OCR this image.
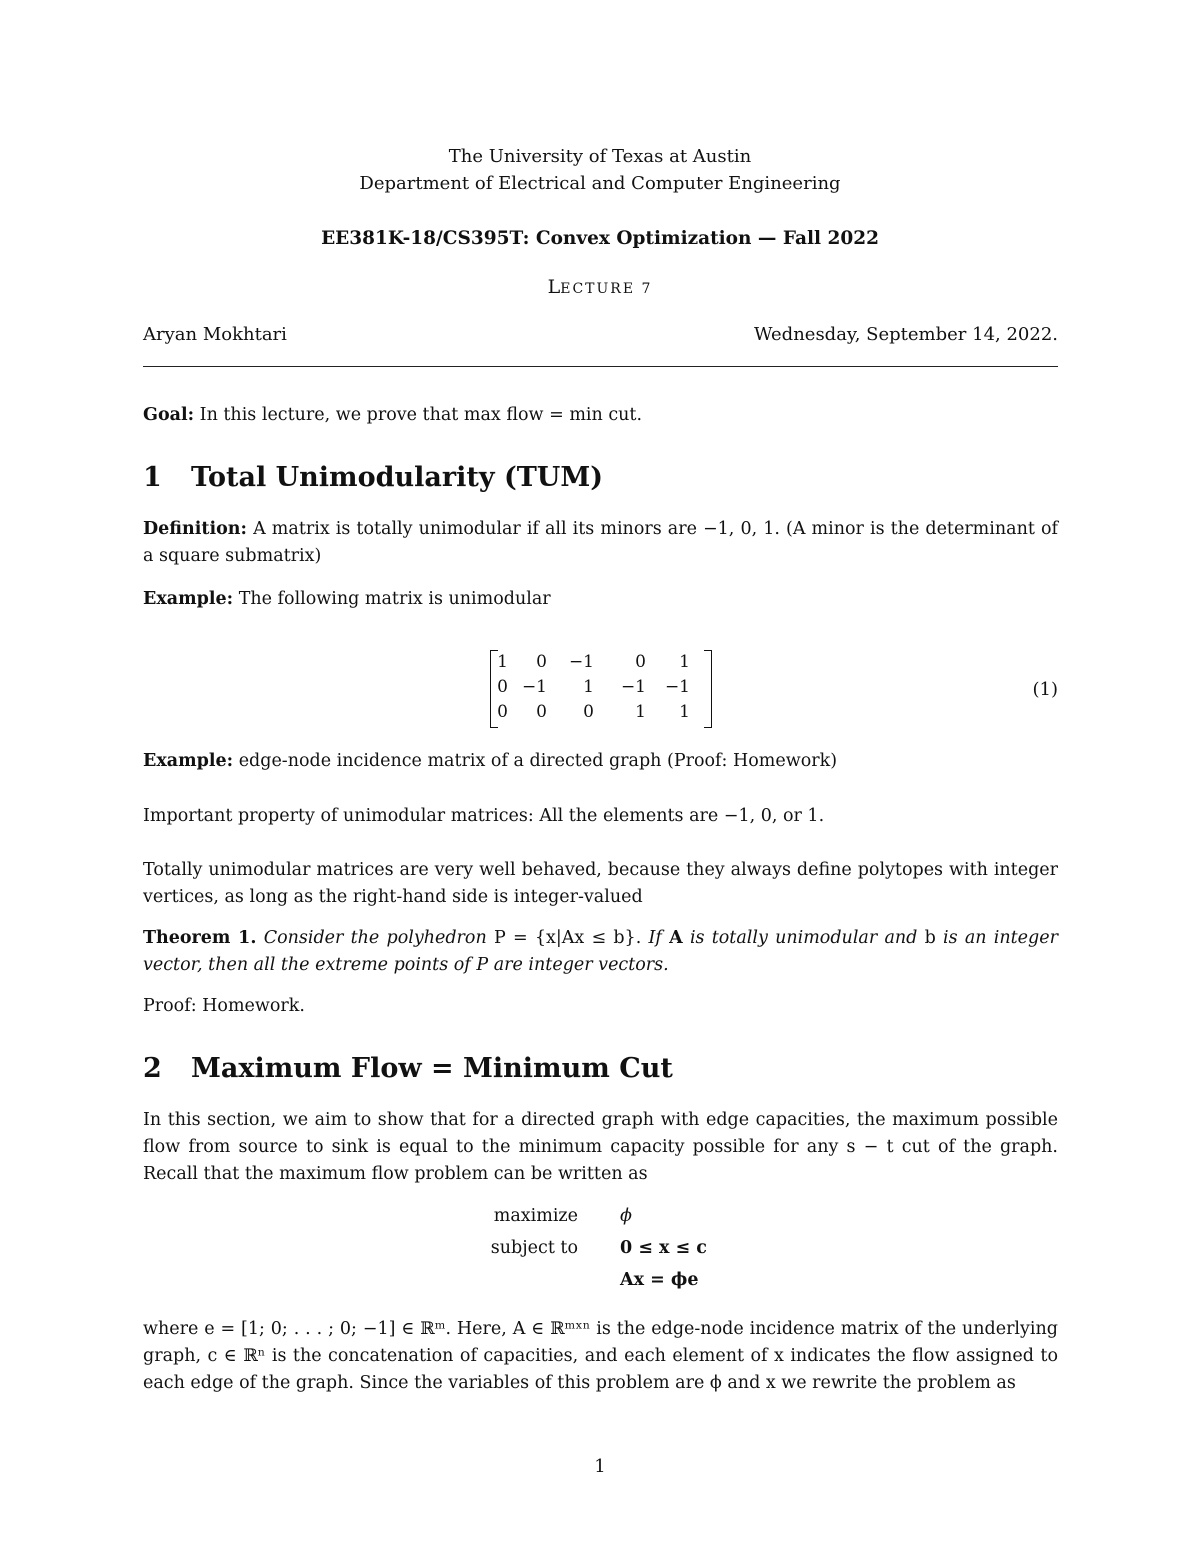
The University of Texas at Austin
Department of Electrical and Computer Engineering
EE381K-18/CS395T: Convex Optimization — Fall 2022
LECTURE 7
Aryan Mokhtari	Wednesday, September 14, 2022.
Goal: In this lecture, we prove that max flow = min cut.
1 Total Unimodularity (TUM)
Definition: A matrix is totally unimodular if all its minors are −1, 0, 1. (A minor is the determinant of a square submatrix)
Example: The following matrix is unimodular
1	0	−1	0	1
0 −1	1	−1	−1
0	0	0	1	1
(1)
Example: edge-node incidence matrix of a directed graph (Proof: Homework)
Important property of unimodular matrices: All the elements are −1, 0, or 1.
Totally unimodular matrices are very well behaved, because they always define polytopes with integer vertices, as long as the right-hand side is integer-valued
Theorem 1. Consider the polyhedron P = {x|Ax ≤ b}. If A is totally unimodular and b is an integer vector, then all the extreme points of P are integer vectors.
Proof: Homework.
2 Maximum Flow = Minimum Cut
In this section, we aim to show that for a directed graph with edge capacities, the maximum possible flow from source to sink is equal to the minimum capacity possible for any s − t cut of the graph. Recall that the maximum flow problem can be written as
maximize ϕ
subject to 0 ≤ x ≤ c
Ax = ϕe
where e = [1; 0; . . . ; 0; −1] ∈ ℝᵐ. Here, A ∈ ℝᵐˣⁿ is the edge-node incidence matrix of the underlying graph, c ∈ ℝⁿ is the concatenation of capacities, and each element of x indicates the flow assigned to each edge of the graph. Since the variables of this problem are ϕ and x we rewrite the problem as
1
